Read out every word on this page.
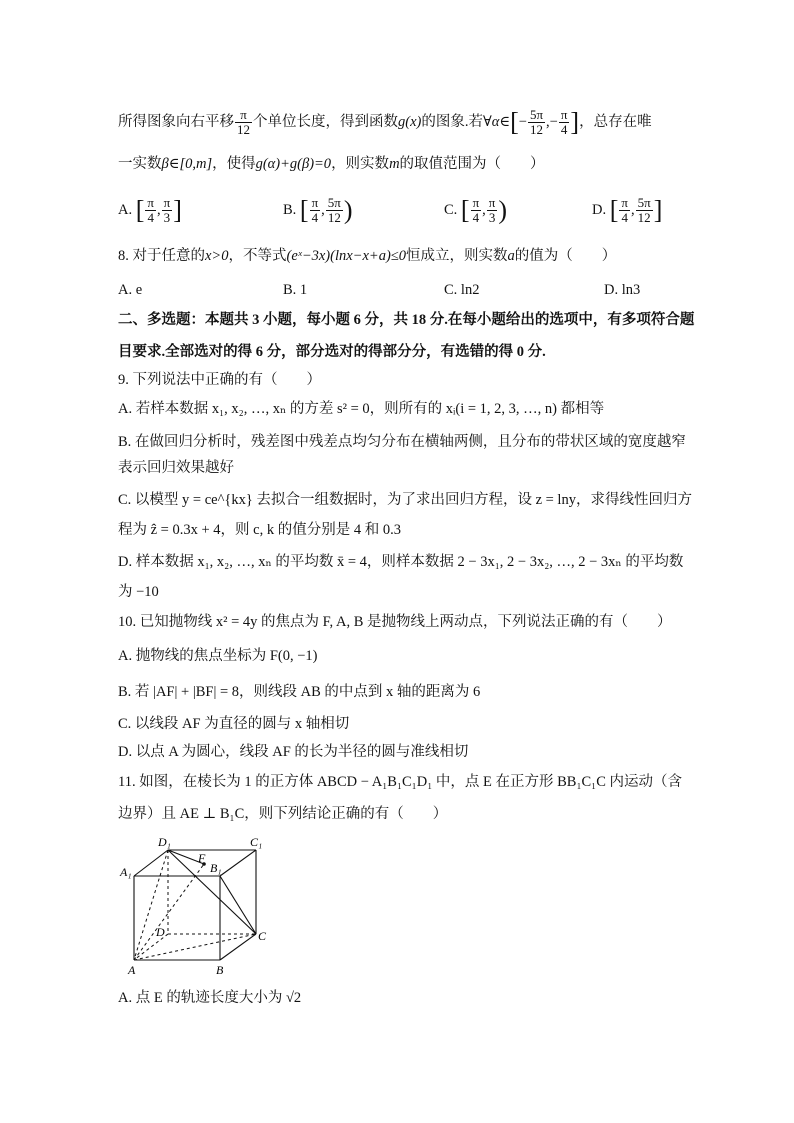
所得图象向右平移 $\frac{\pi}{12}$ 个单位长度，得到函数g(x)的图象.若∀α∈[− $\frac{5\pi}{12}$ ,− $\frac{\pi}{4}$ ]，总存在唯
一实数β∈[0,m]，使得g(α)+g(β)=0，则实数m的取值范围为（　　）
A. [ $\frac{\pi}{4}$ , $\frac{\pi}{3}$ ]	B. [ $\frac{\pi}{4}$ , $\frac{5\pi}{12}$ )	C. [ $\frac{\pi}{4}$ , $\frac{\pi}{3}$ )	D. [ $\frac{\pi}{4}$ , $\frac{5\pi}{12}$ ]
8. 对于任意的x>0，不等式(eˣ−3x)(lnx−x+a)≤0恒成立，则实数a的值为（　　）
A. e	B. 1	C. ln2	D. ln3
二、多选题：本题共 3 小题，每小题 6 分，共 18 分.在每小题给出的选项中，有多项符合题
目要求.全部选对的得 6 分，部分选对的得部分分，有选错的得 0 分.
9. 下列说法中正确的有（　　）
A. 若样本数据 x₁, x₂, …, xₙ 的方差 s² = 0，则所有的 xᵢ(i = 1, 2, 3, …, n) 都相等
B. 在做回归分析时，残差图中残差点均匀分布在横轴两侧，且分布的带状区域的宽度越窄
表示回归效果越好
C. 以模型 y = ce^{kx} 去拟合一组数据时，为了求出回归方程，设 z = lny，求得线性回归方
程为 ẑ = 0.3x + 4，则 c, k 的值分别是 4 和 0.3
D. 样本数据 x₁, x₂, …, xₙ 的平均数 x̄ = 4，则样本数据 2 − 3x₁, 2 − 3x₂, …, 2 − 3xₙ 的平均数
为 −10
10. 已知抛物线 x² = 4y 的焦点为 F, A, B 是抛物线上两动点，下列说法正确的有（　　）
A. 抛物线的焦点坐标为 F(0, −1)
B. 若 |AF| + |BF| = 8，则线段 AB 的中点到 x 轴的距离为 6
C. 以线段 AF 为直径的圆与 x 轴相切
D. 以点 A 为圆心，线段 AF 的长为半径的圆与准线相切
11. 如图，在棱长为 1 的正方体 ABCD − A₁B₁C₁D₁ 中，点 E 在正方形 BB₁C₁C 内运动（含
边界）且 AE ⊥ B₁C，则下列结论正确的有（　　）
D₁	C₁
A₁	B₁
F
D	C
A	B
A. 点 E 的轨迹长度大小为 √2
